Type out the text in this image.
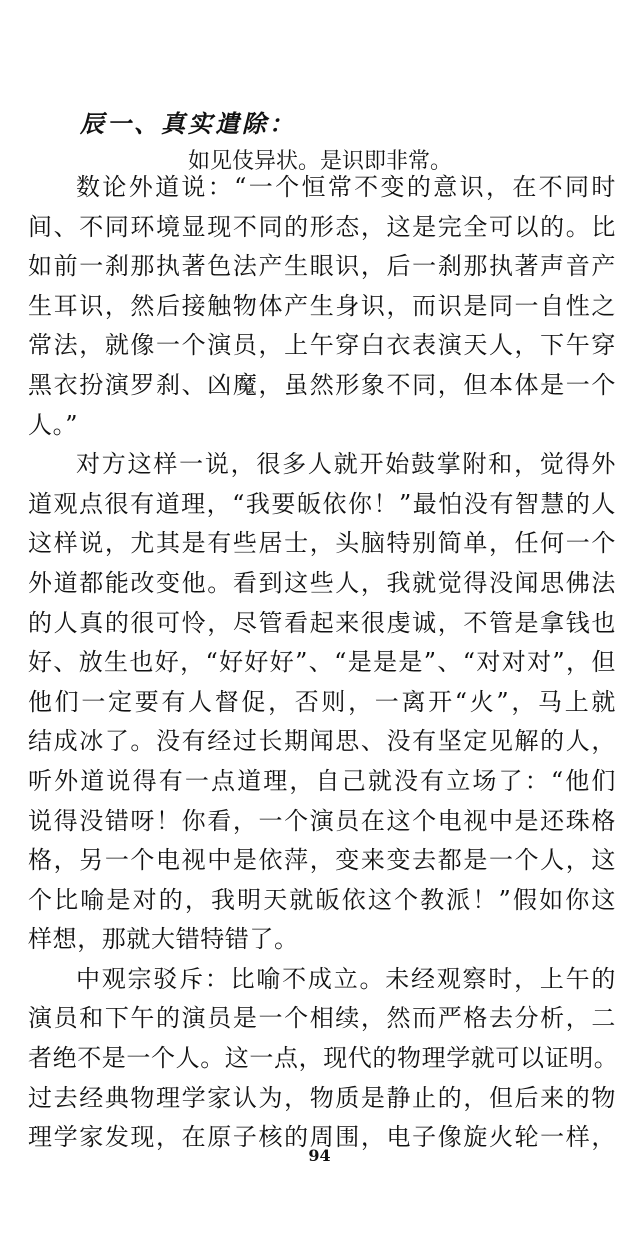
辰一、真实遣除：
如见伎异状。是识即非常。
数论外道说：“一个恒常不变的意识，在不同时
间、不同环境显现不同的形态，这是完全可以的。比
如前一刹那执著色法产生眼识，后一刹那执著声音产
生耳识，然后接触物体产生身识，而识是同一自性之
常法，就像一个演员，上午穿白衣表演天人，下午穿
黑衣扮演罗刹、凶魔，虽然形象不同，但本体是一个
人。”
对方这样一说，很多人就开始鼓掌附和，觉得外
道观点很有道理，“我要皈依你！”最怕没有智慧的人
这样说，尤其是有些居士，头脑特别简单，任何一个
外道都能改变他。看到这些人，我就觉得没闻思佛法
的人真的很可怜，尽管看起来很虔诚，不管是拿钱也
好、放生也好，“好好好”、“是是是”、“对对对”，但
他们一定要有人督促，否则，一离开“火”，马上就
结成冰了。没有经过长期闻思、没有坚定见解的人，
听外道说得有一点道理，自己就没有立场了：“他们
说得没错呀！你看，一个演员在这个电视中是还珠格
格，另一个电视中是依萍，变来变去都是一个人，这
个比喻是对的，我明天就皈依这个教派！”假如你这
样想，那就大错特错了。
中观宗驳斥：比喻不成立。未经观察时，上午的
演员和下午的演员是一个相续，然而严格去分析，二
者绝不是一个人。这一点，现代的物理学就可以证明。
过去经典物理学家认为，物质是静止的，但后来的物
理学家发现，在原子核的周围，电子像旋火轮一样，
94
